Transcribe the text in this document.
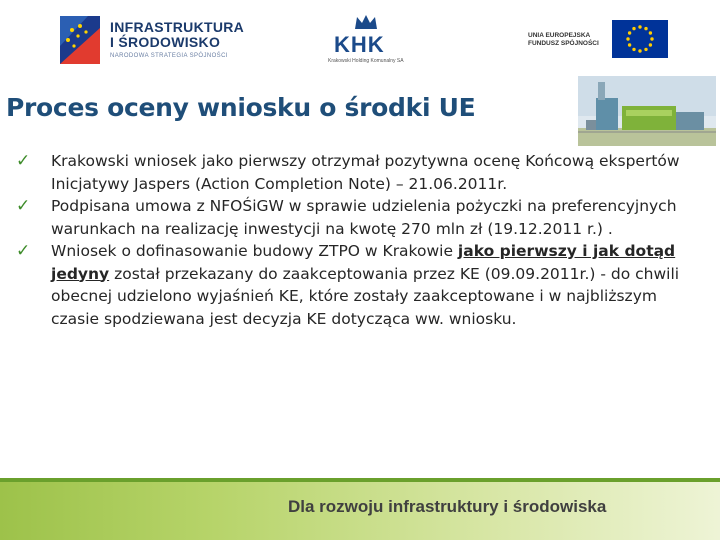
INFRASTRUKTURA
I ŚRODOWISKO
NARODOWA STRATEGIA SPÓJNOŚCI	KHK
Krakowski Holding Komunalny SA
UNIA EUROPEJSKA
FUNDUSZ SPÓJNOŚCI
Proces oceny wniosku o środki UE
✓ Krakowski wniosek jako pierwszy otrzymał pozytywna ocenę Końcową ekspertów Inicjatywy Jaspers (Action Completion Note) – 21.06.2011r.
✓ Podpisana umowa z NFOŚiGW w sprawie udzielenia pożyczki na preferencyjnych warunkach na realizację inwestycji na kwotę 270 mln zł (19.12.2011 r.) .
✓ Wniosek o dofinasowanie budowy ZTPO w Krakowie jako pierwszy i jak dotąd jedyny został przekazany do zaakceptowania przez KE (09.09.2011r.) - do chwili obecnej udzielono wyjaśnień KE, które zostały zaakceptowane i w najbliższym czasie spodziewana jest decyzja KE dotycząca ww. wniosku.
Dla rozwoju infrastruktury i środowiska
